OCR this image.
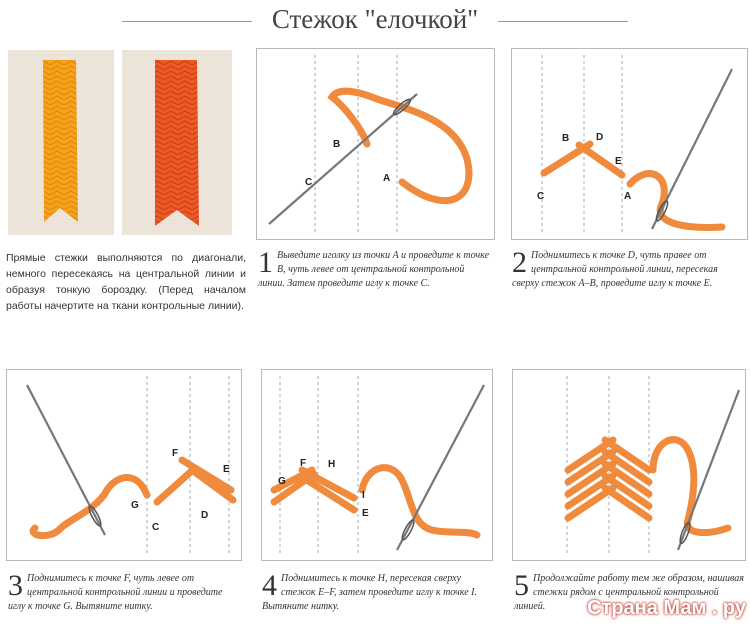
Стежок "елочкой"
Прямые стежки выполняются по диагонали, немного пересекаясь на центральной линии и образуя тонкую бороздку. (Перед началом работы начертите на ткани контрольные линии).
A
B
C
A
B
C
D
E
1 Выведите иголку из точки A и проведите к точке B, чуть левее от центральной контрольной линии. Затем проведите иглу к точке C.
2 Поднимитесь к точке D, чуть правее от центральной контрольной линии, пересекая сверху стежок A–B, проведите иглу к точке E.
C
D
E
F
G
E
F
G
H
I
3 Поднимитесь к точке F, чуть левее от центральной контрольной линии и проведите иглу к точке G. Вытяните нитку.
4 Поднимитесь к точке H, пересекая сверху стежок E–F, затем проведите иглу к точке I. Вытяните нитку.
5 Продолжайте работу тем же образом, нашивая стежки рядом с центральной контрольной линией.	Страна Мам . ру
